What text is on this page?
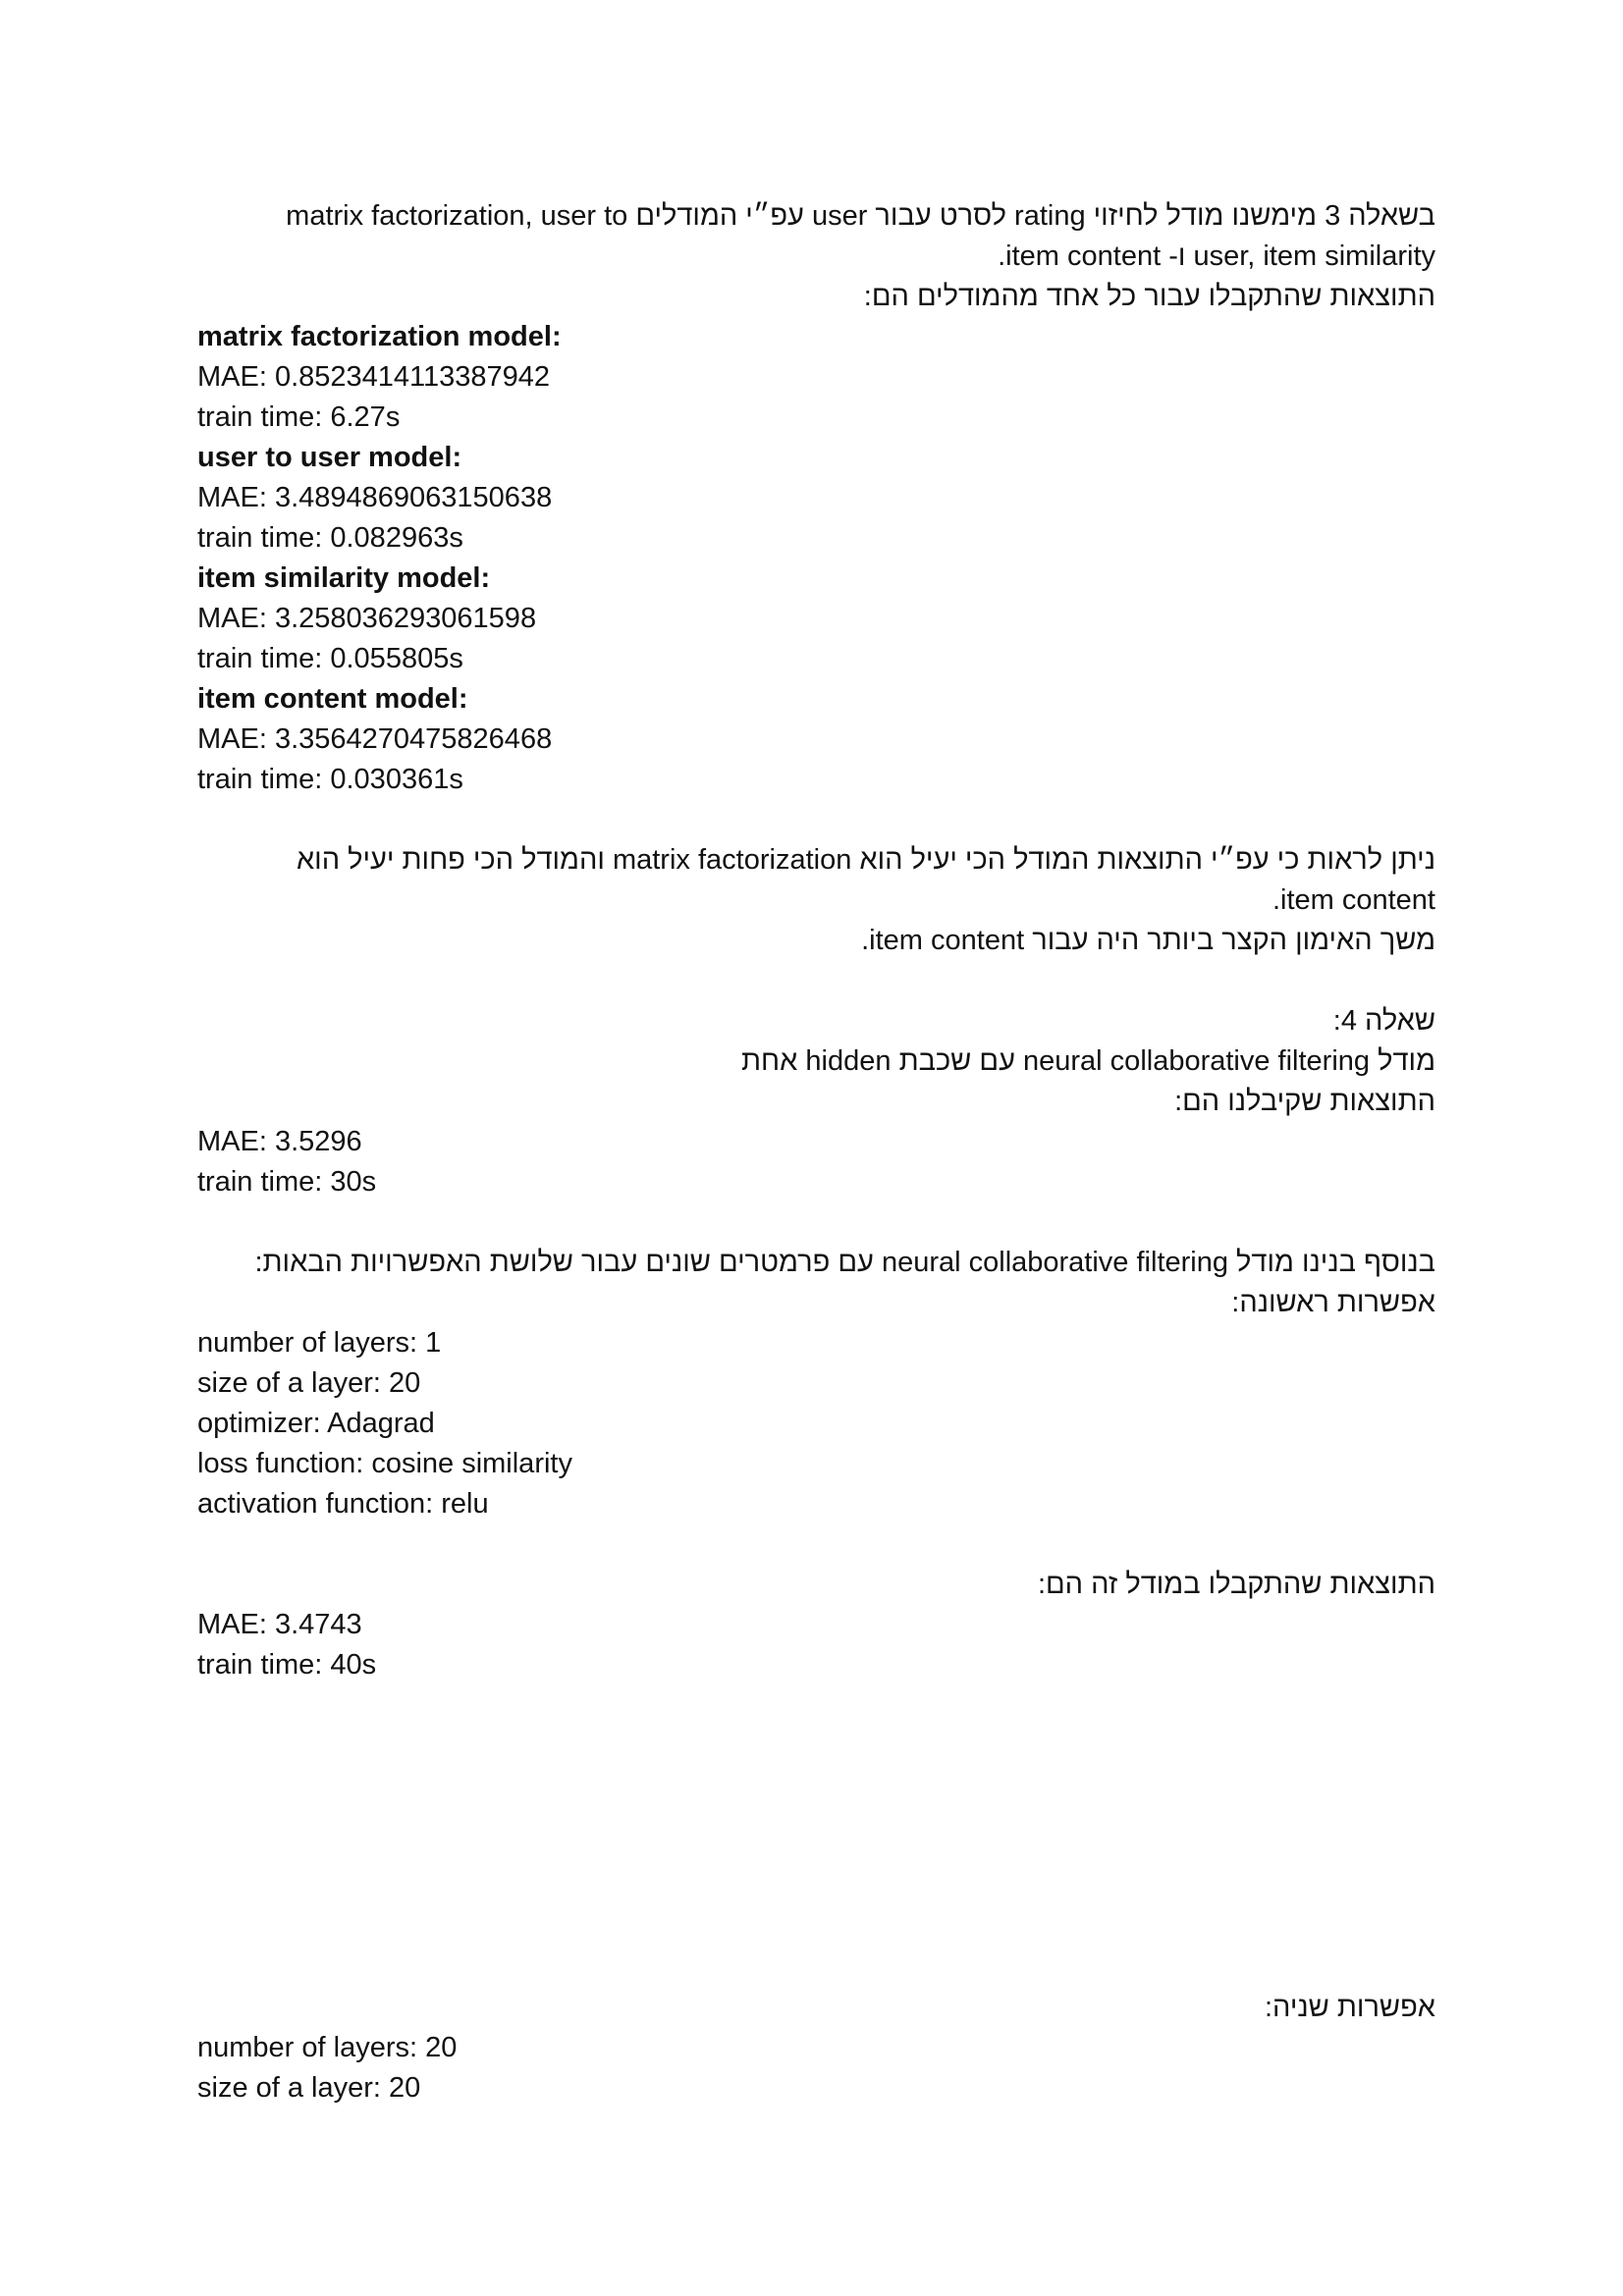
בשאלה 3 מימשנו מודל לחיזוי rating לסרט עבור user עפ״י המודלים matrix factorization, user to
user, item similarity ו- item content.
התוצאות שהתקבלו עבור כל אחד מהמודלים הם:
matrix factorization model:
MAE: 0.8523414113387942
train time: 6.27s
user to user model:
MAE: 3.4894869063150638
train time: 0.082963s
item similarity model:
MAE: 3.258036293061598
train time: 0.055805s
item content model:
MAE: 3.3564270475826468
train time: 0.030361s
ניתן לראות כי עפ״י התוצאות המודל הכי יעיל הוא matrix factorization והמודל הכי פחות יעיל הוא
item content.
משך האימון הקצר ביותר היה עבור item content.
שאלה 4:
מודל neural collaborative filtering עם שכבת hidden אחת
התוצאות שקיבלנו הם:
MAE: 3.5296
train time: 30s
בנוסף בנינו מודל neural collaborative filtering עם פרמטרים שונים עבור שלושת האפשרויות הבאות:
אפשרות ראשונה:
number of layers: 1
size of a layer: 20
optimizer: Adagrad
loss function: cosine similarity
activation function: relu
התוצאות שהתקבלו במודל זה הם:
MAE: 3.4743
train time: 40s
אפשרות שניה:
number of layers: 20
size of a layer: 20
